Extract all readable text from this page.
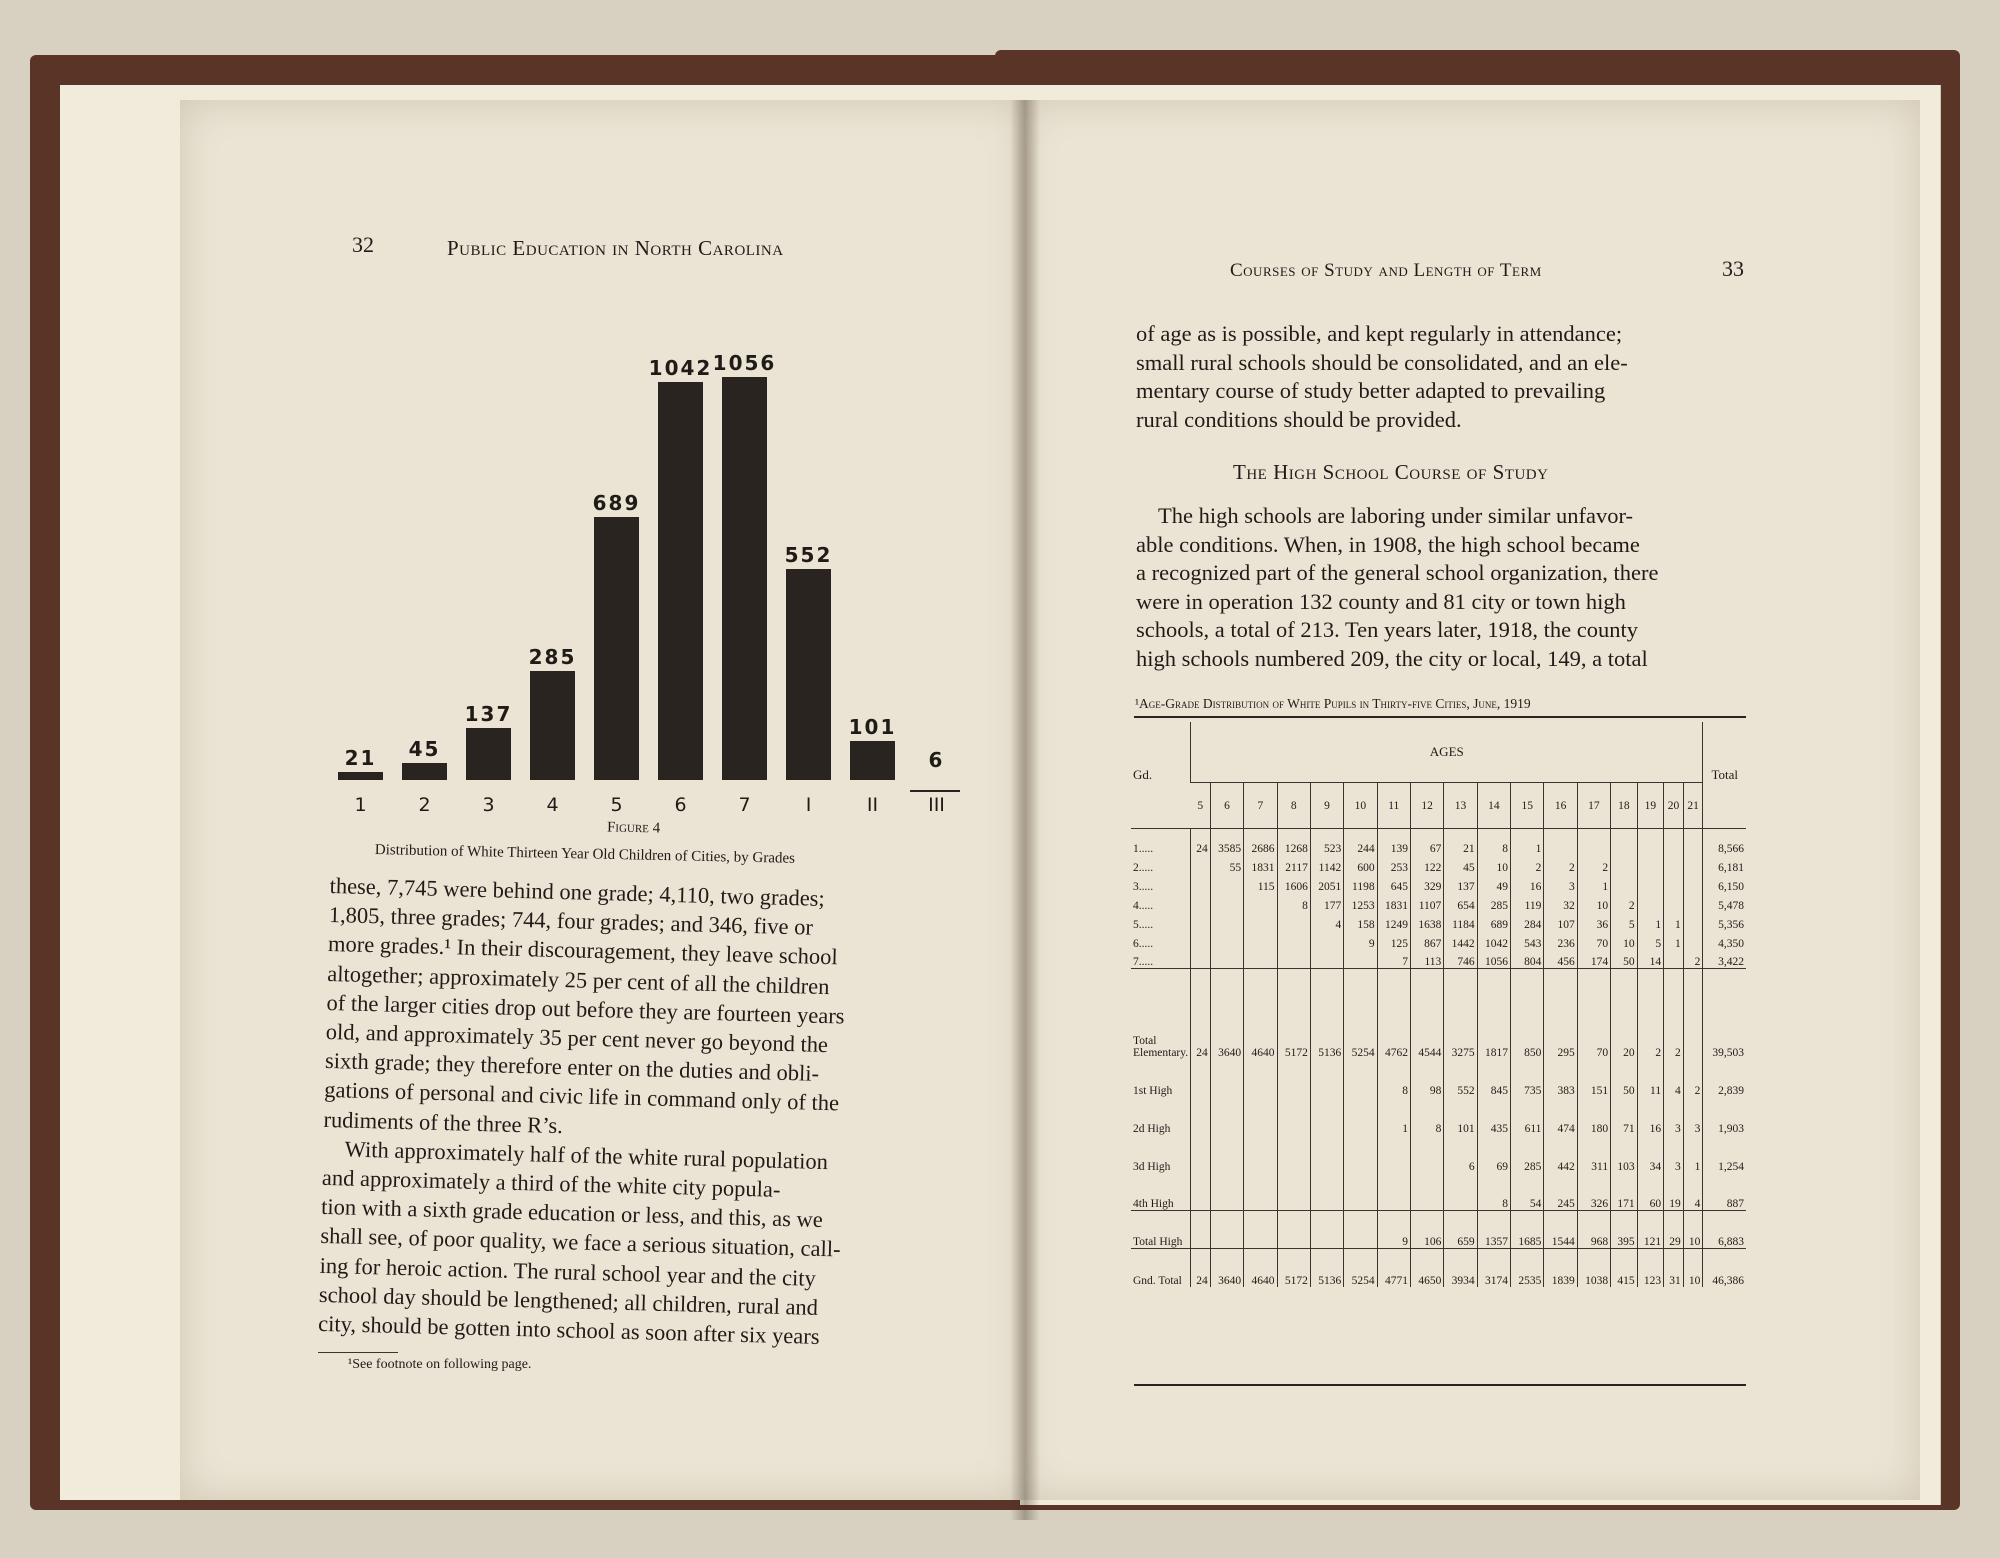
32	Public Education in North Carolina
21
1
45
2
137
3
285
4
689
5
1042
6
1056
7
552
I
101
II
6
III
Figure 4
Distribution of White Thirteen Year Old Children of Cities, by Grades
these, 7,745 were behind one grade; 4,110, two grades;
1,805, three grades; 744, four grades; and 346, five or
more grades.¹ In their discouragement, they leave school
altogether; approximately 25 per cent of all the children
of the larger cities drop out before they are fourteen years
old, and approximately 35 per cent never go beyond the
sixth grade; they therefore enter on the duties and obli-
gations of personal and civic life in command only of the
rudiments of the three R’s.
With approximately half of the white rural population
and approximately a third of the white city popula-
tion with a sixth grade education or less, and this, as we
shall see, of poor quality, we face a serious situation, call-
ing for heroic action. The rural school year and the city
school day should be lengthened; all children, rural and
city, should be gotten into school as soon after six years
¹See footnote on following page.
Courses of Study and Length of Term	33
of age as is possible, and kept regularly in attendance;
small rural schools should be consolidated, and an ele-
mentary course of study better adapted to prevailing
rural conditions should be provided.
The High School Course of Study
The high schools are laboring under similar unfavor-
able conditions. When, in 1908, the high school became
a recognized part of the general school organization, there
were in operation 132 county and 81 city or town high
schools, a total of 213. Ten years later, 1918, the county
high schools numbered 209, the city or local, 149, a total
¹Age-Grade Distribution of White Pupils in Thirty-five Cities, June, 1919
Gd.	AGES																	Total
	5	6	7	8	9	10	11	12	13	14	15	16	17	18	19	20	21	
1.....	24	3585	2686	1268	523	244	139	67	21	8	1							8,566
2.....		55	1831	2117	1142	600	253	122	45	10	2	2	2					6,181
3.....			115	1606	2051	1198	645	329	137	49	16	3	1					6,150
4.....				8	177	1253	1831	1107	654	285	119	32	10	2				5,478
5.....					4	158	1249	1638	1184	689	284	107	36	5	1	1		5,356
6.....						9	125	867	1442	1042	543	236	70	10	5	1		4,350
7.....							7	113	746	1056	804	456	174	50	14		2	3,422
Total Elementary.	24	3640	4640	5172	5136	5254	4762	4544	3275	1817	850	295	70	20	2	2		39,503
1st High							8	98	552	845	735	383	151	50	11	4	2	2,839
2d High							1	8	101	435	611	474	180	71	16	3	3	1,903
3d High									6	69	285	442	311	103	34	3	1	1,254
4th High										8	54	245	326	171	60	19	4	887
Total High							9	106	659	1357	1685	1544	968	395	121	29	10	6,883
Gnd. Total	24	3640	4640	5172	5136	5254	4771	4650	3934	3174	2535	1839	1038	415	123	31	10	46,386
